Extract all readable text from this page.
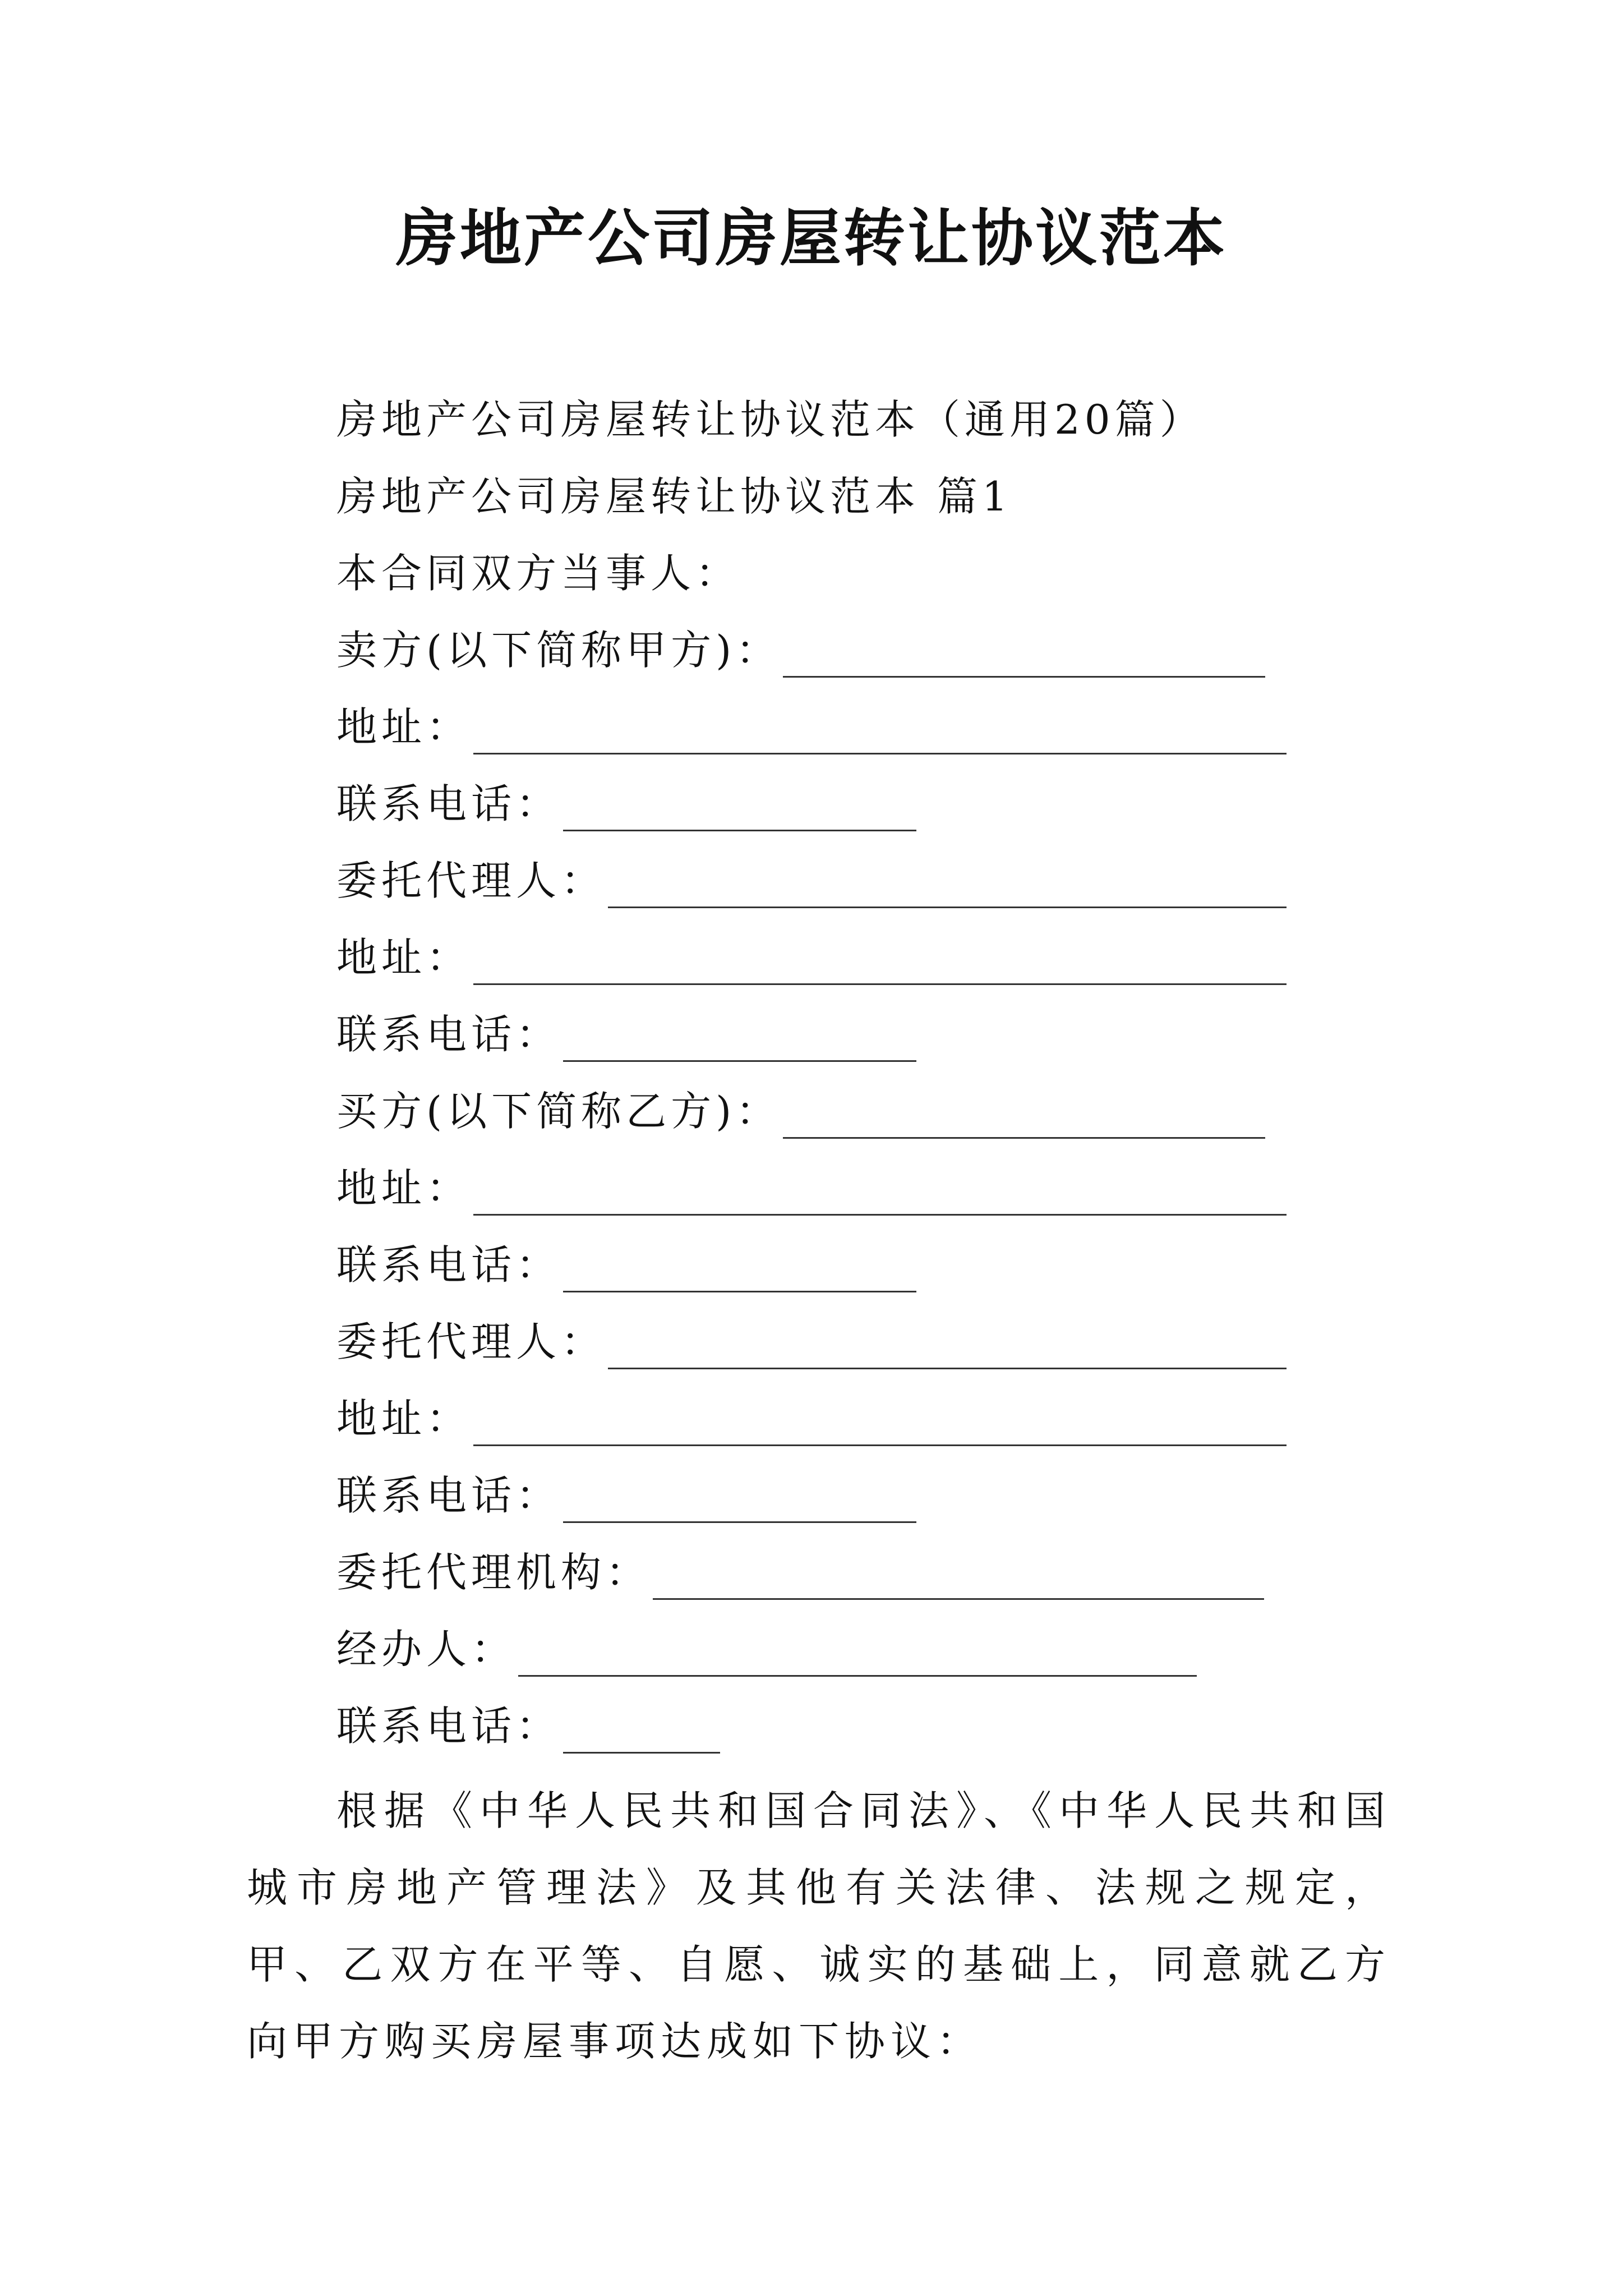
房地产公司房屋转让协议范本
房地产公司房屋转让协议范本（通用20篇）
房地产公司房屋转让协议范本 篇1
本合同双方当事人：
卖方(以下简称甲方)：
地址：
联系电话：
委托代理人：
地址：
联系电话：
买方(以下简称乙方)：
地址：
联系电话：
委托代理人：
地址：
联系电话：
委托代理机构：
经办人：
联系电话：

根据《中华人民共和国合同法》、《中华人民共和国城市房地产管理法》及其他有关法律、法规之规定，甲、乙双方在平等、自愿、诚实的基础上，同意就乙方向甲方购买房屋事项达成如下协议：
